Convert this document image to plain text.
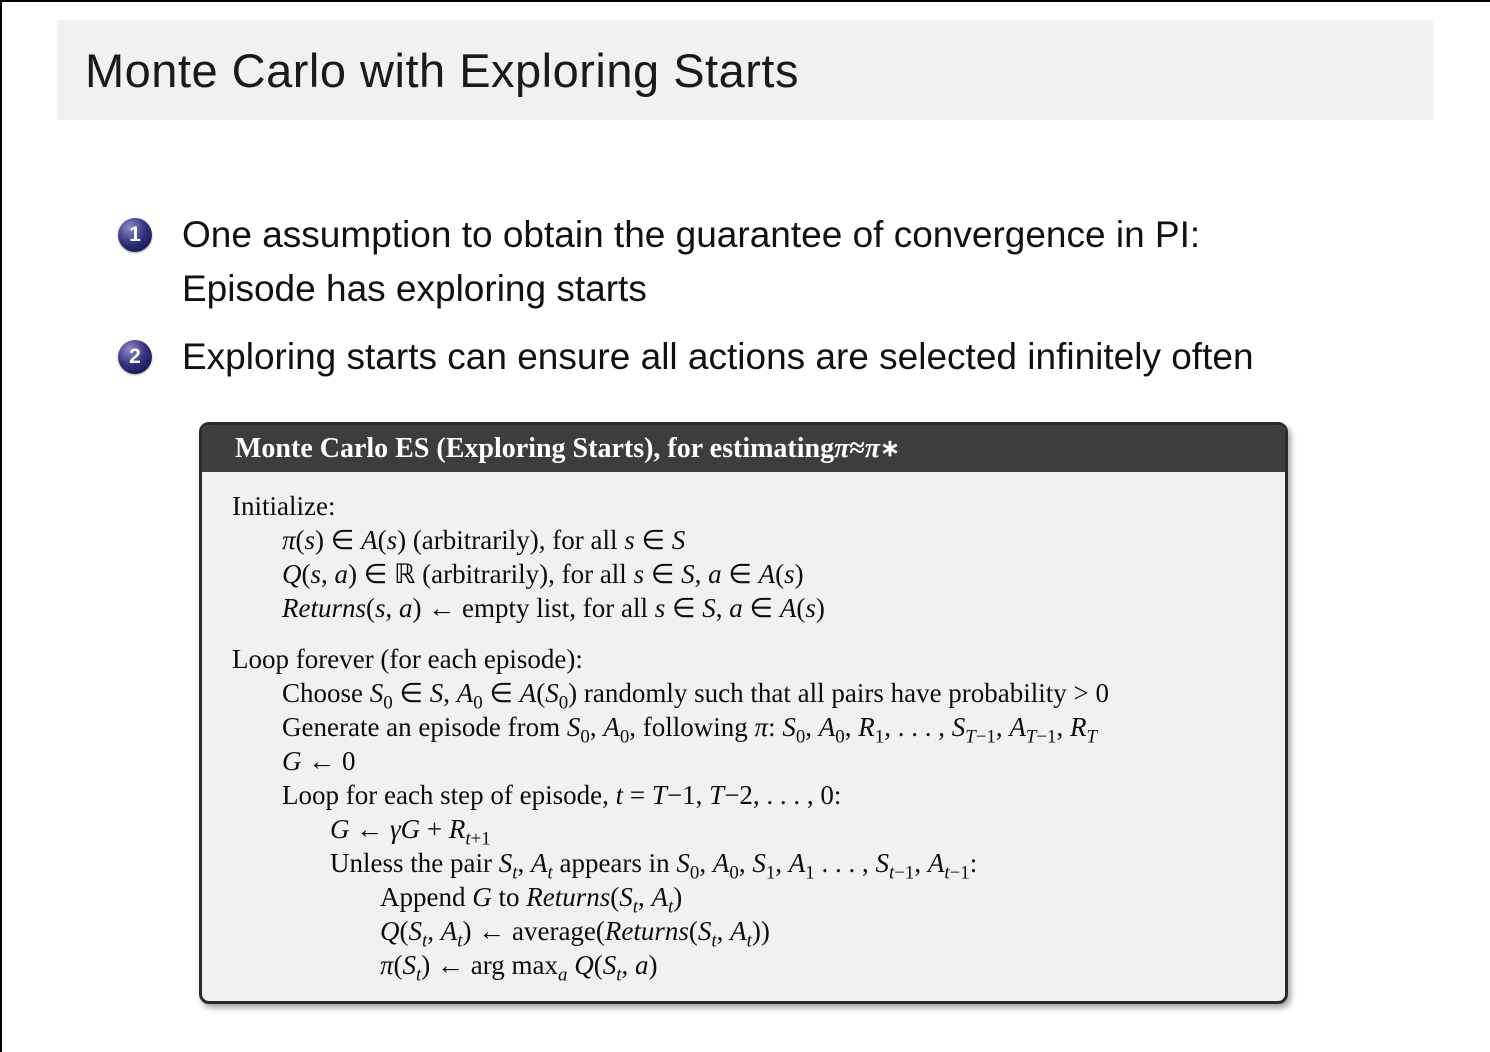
Monte Carlo with Exploring Starts
1	One assumption to obtain the guarantee of convergence in PI:
Episode has exploring starts
2	Exploring starts can ensure all actions are selected infinitely often
Monte Carlo ES (Exploring Starts), for estimating π ≈ π ∗
Initialize:
π(s) ∈ A(s) (arbitrarily), for all s ∈ S
Q(s, a) ∈ ℝ (arbitrarily), for all s ∈ S, a ∈ A(s)
Returns(s, a) ← empty list, for all s ∈ S, a ∈ A(s)
Loop forever (for each episode):
Choose $S_0$ ∈ S, $A_0$ ∈ $A(S_0)$ randomly such that all pairs have probability > 0
Generate an episode from $S_0$, $A_0$, following π: $S_0$, $A_0$, $R_1$, . . . , $S_{T-1}$, $A_{T-1}$, $R_T$
G ← 0
Loop for each step of episode, t = T−1, T−2, . . . , 0:
G ← $\gamma G + R_{t+1}$
Unless the pair $S_t$, $A_t$ appears in $S_0$, $A_0$, $S_1$, $A_1$ . . . , $S_{t-1}$, $A_{t-1}$:
Append G to $Returns(S_t$, $A_t$)
$Q(S_t$, $A_t$) ← $average(Returns(S_t$, $A_t$))
$\pi(S_t)$ ← arg $\max_a Q(S_t$, a)
